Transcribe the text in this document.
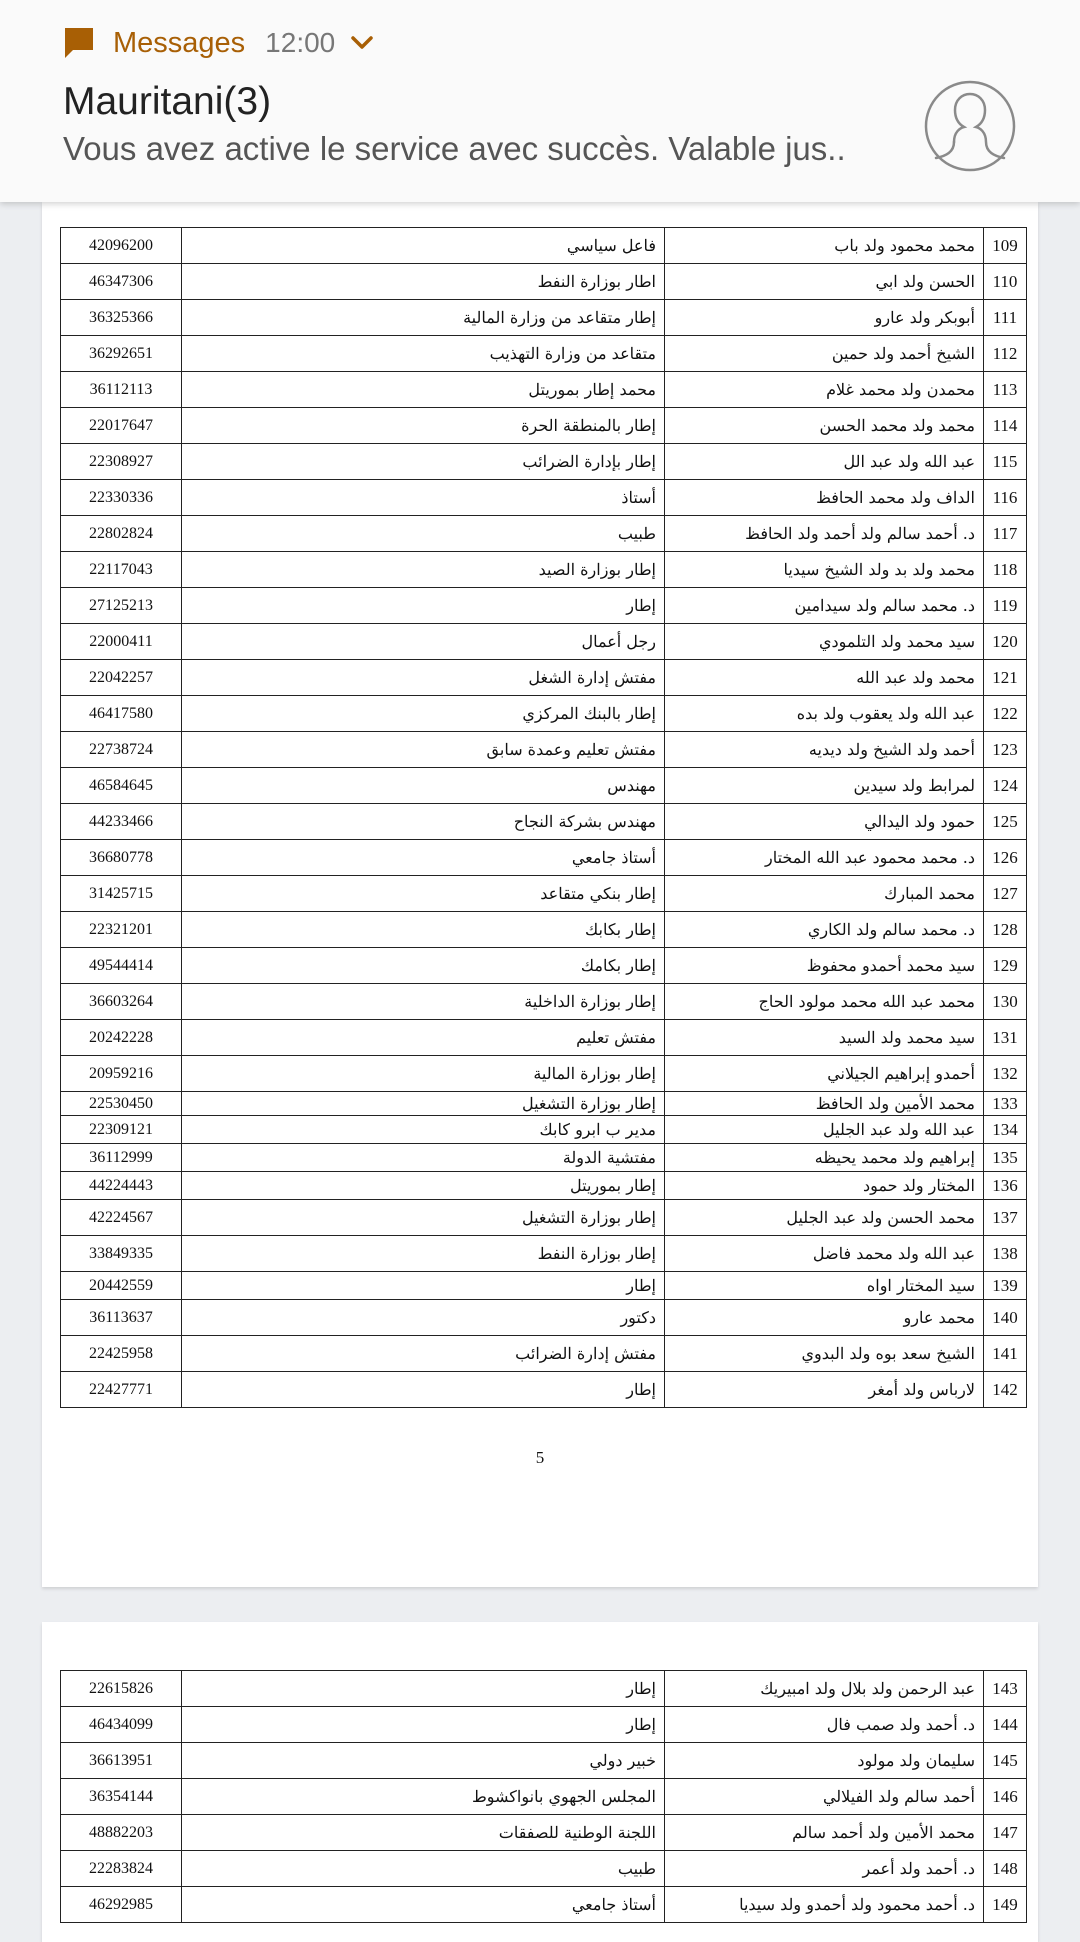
Messages 12:00
Mauritani(3)
Vous avez active le service avec succès. Valable jus..
42096200	فاعل سياسي	محمد محمود ولد باب	109
46347306	اطار بوزارة النفط	الحسن ولد ابي	110
36325366	إطار متقاعد من وزارة المالية	أبوبكر ولد عارو	111
36292651	متقاعد من وزارة التهذيب	الشيخ أحمد ولد حمين	112
36112113	محمد إطار بموريتل	محمدن ولد محمد غلام	113
22017647	إطار بالمنطقة الحرة	محمد ولد محمد الحسن	114
22308927	إطار بإدارة الضرائب	عبد الله ولد عبد الل	115
22330336	أستاذ	الداف ولد محمد الحافظ	116
22802824	طبيب	د. أحمد سالم ولد أحمد ولد الحافظ	117
22117043	إطار بوزارة الصيد	محمد ولد بد ولد الشيخ سيديا	118
27125213	إطار	د. محمد سالم ولد سيدامين	119
22000411	رجل أعمال	سيد محمد ولد التلمودي	120
22042257	مفتش إدارة الشغل	محمد ولد عبد الله	121
46417580	إطار بالبنك المركزي	عبد الله ولد يعقوب ولد بده	122
22738724	مفتش تعليم وعمدة سابق	أحمد ولد الشيخ ولد ديديه	123
46584645	مهندس	لمرابط ولد سيدين	124
44233466	مهندس بشركة النجاح	حمود ولد اليدالي	125
36680778	أستاذ جامعي	د. محمد محمود عبد الله المختار	126
31425715	إطار بنكي متقاعد	محمد المبارك	127
22321201	إطار بكابك	د. محمد سالم ولد الكاري	128
49544414	إطار بكامك	سيد محمد أحمدو محفوظ	129
36603264	إطار بوزارة الداخلية	محمد عبد الله محمد مولود الحاج	130
20242228	مفتش تعليم	سيد محمد ولد السيد	131
20959216	إطار بوزارة المالية	أحمدو إبراهيم الجيلاني	132
22530450	إطار بوزارة التشغيل	محمد الأمين ولد الحافظ	133
22309121	مدير ب ابرو كابك	عبد الله ولد عبد الجليل	134
36112999	مفتشية الدولة	إبراهيم ولد محمد يحيظه	135
44224443	إطار بموريتل	المختار ولد حمود	136
42224567	إطار بوزارة التشغيل	محمد الحسن ولد عبد الجليل	137
33849335	إطار بوزارة النفط	عبد الله ولد محمد فاضل	138
20442559	إطار	سيد المختار اواه	139
36113637	دكتور	محمد عارو	140
22425958	مفتش إدارة الضرائب	الشيخ سعد بوه ولد البدوي	141
22427771	إطار	لارباس ولد أمغر	142
5
22615826	إطار	عبد الرحمن ولد بلال ولد امبيريك	143
46434099	إطار	د. أحمد ولد صمب فال	144
36613951	خبير دولي	سليمان ولد مولود	145
36354144	المجلس الجهوي بانواكشوط	أحمد سالم ولد الفيلالي	146
48882203	اللجنة الوطنية للصفقات	محمد الأمين ولد أحمد سالم	147
22283824	طبيب	د. أحمد ولد أعمر	148
46292985	أستاذ جامعي	د. أحمد محمود ولد أحمدو ولد سيديا	149
